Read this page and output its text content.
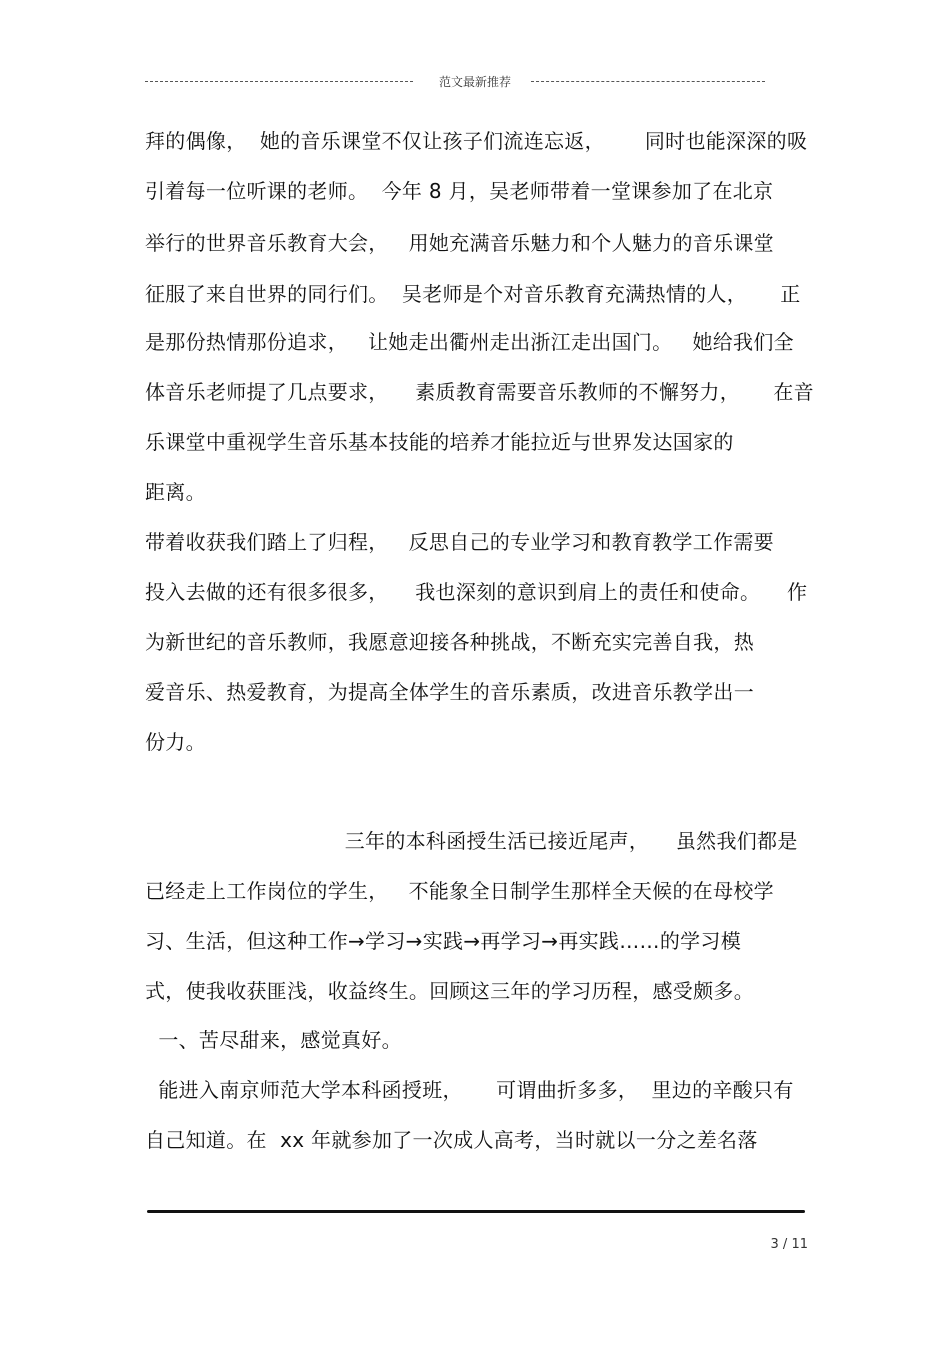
范文最新推荐
拜的偶像，  她的音乐课堂不仅让孩子们流连忘返，      同时也能深深的吸
引着每一位听课的老师。  今年 8 月，吴老师带着一堂课参加了在北京
举行的世界音乐教育大会，   用她充满音乐魅力和个人魅力的音乐课堂
征服了来自世界的同行们。  吴老师是个对音乐教育充满热情的人，     正
是那份热情那份追求，   让她走出衢州走出浙江走出国门。   她给我们全
体音乐老师提了几点要求，    素质教育需要音乐教师的不懈努力，     在音
乐课堂中重视学生音乐基本技能的培养才能拉近与世界发达国家的
距离。
带着收获我们踏上了归程，   反思自己的专业学习和教育教学工作需要
投入去做的还有很多很多，    我也深刻的意识到肩上的责任和使命。    作
为新世纪的音乐教师，我愿意迎接各种挑战，不断充实完善自我，热
爱音乐、热爱教育，为提高全体学生的音乐素质，改进音乐教学出一
份力。
三年的本科函授生活已接近尾声，    虽然我们都是
已经走上工作岗位的学生，   不能象全日制学生那样全天候的在母校学
习、生活，但这种工作→学习→实践→再学习→再实践……的学习模
式，使我收获匪浅，收益终生。回顾这三年的学习历程，感受颇多。
一、苦尽甜来，感觉真好。
能进入南京师范大学本科函授班，     可谓曲折多多，  里边的辛酸只有
自己知道。在  xx 年就参加了一次成人高考，当时就以一分之差名落
3 / 11
